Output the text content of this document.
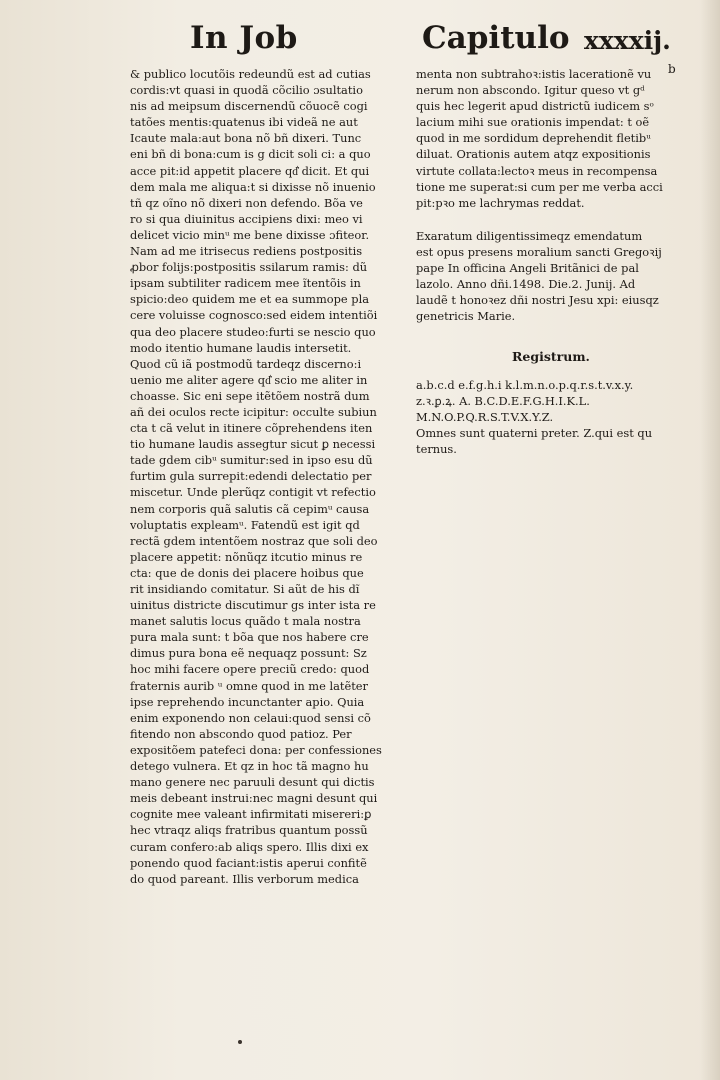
In Job	Capitulo xxxxij.
b
& publico locutõis redeundũ est ad cutias
cordis:vt quasi in quodã cõcilio ɔsultatio
nis ad meipsum discernendũ cõuocẽ cogi
tatões mentis:quatenus ibi videã ne aut
Icaute mala:aut bona nõ bñ dixeri. Tunc
eni bñ di bona:cum is g dicit soli ci: a quo
acce pit:id appetit placere qd͛ dicit. Et qui
dem mala me aliqua:t si dixisse nõ inuenio
tñ qz oĩno nõ dixeri non defendo. Bõa ve
ro si qua diuinitus accipiens dixi: meo vi
delicet vicio minᵘ me bene dixisse ɔfiteor.
Nam ad me itrisecus rediens postpositis
ꝓbor folijs:postpositis ssilarum ramis: dũ
ipsam subtiliter radicem mee ĩtentõis in
spicio:deo quidem me et ea summope pla
cere voluisse cognosco:sed eidem intentiõi
qua deo placere studeo:furti se nescio quo
modo itentio humane laudis intersetit.
Quod cũ iã postmodũ tardeqz discerno:i
uenio me aliter agere qd͛ scio me aliter in
choasse. Sic eni sepe itẽtõem nostrã dum
añ dei oculos recte icipitur: occulte subiun
cta t cã velut in itinere cõprehendens iten
tio humane laudis assegtur sicut ꝑ necessi
tade gdem cibᵘ sumitur:sed in ipso esu dũ
furtim gula surrepit:edendi delectatio per
miscetur. Unde plerũqz contigit vt refectio
nem corporis quã salutis cã cepimᵘ causa
voluptatis expleamᵘ. Fatendũ est igit qd
rectã gdem intentõem nostraz que soli deo
placere appetit: nõnũqz itcutio minus re
cta: que de donis dei placere hoibus que
rit insidiando comitatur. Si aũt de his dĩ
uinitus districte discutimur gs inter ista re
manet salutis locus quãdo t mala nostra
pura mala sunt: t bõa que nos habere cre
dimus pura bona eẽ nequaqz possunt: Sz
hoc mihi facere opere preciũ credo: quod
fraternis aurib ᵘ omne quod in me latẽter
ipse reprehendo incunctanter apio. Quia
enim exponendo non celaui:quod sensi cõ
fitendo non abscondo quod patioz. Per
expositõem patefeci dona: per confessiones
detego vulnera. Et qz in hoc tã magno hu
mano genere nec paruuli desunt qui dictis
meis debeant instrui:nec magni desunt qui
cognite mee valeant infirmitati misereri:ꝑ
hec vtraqz aliqs fratribus quantum possũ
curam confero:ab aliqs spero. Illis dixi ex
ponendo quod faciant:istis aperui confitẽ
do quod pareant. Illis verborum medica
menta non subtrahoꝛ:istis lacerationẽ vu
nerum non abscondo. Igitur queso vt gᵈ
quis hec legerit apud districtũ iudicem sᵒ
lacium mihi sue orationis impendat: t oẽ
quod in me sordidum deprehendit fletibᵘ
diluat. Orationis autem atqz expositionis
virtute collata:lectoꝛ meus in recompensa
tione me superat:si cum per me verba acci
pit:pꝛo me lachrymas reddat.
Exaratum diligentissimeqz emendatum
est opus presens moralium sancti Gregoꝛij
pape In officina Angeli Britãnici de pal
lazolo. Anno dñi.1498. Die.2. Junij. Ad
laudẽ t honoꝛez dñi nostri Jesu xpi: eiusqz
genetricis Marie.
Registrum.
a.b.c.d e.f.g.h.i k.l.m.n.o.p.q.r.s.t.v.x.y.
z.ꝛ.ꝑ.ꝝ. A. B.C.D.E.F.G.H.I.K.L.
M.N.O.P.Q.R.S.T.V.X.Y.Z.
Omnes sunt quaterni preter. Z.qui est qu
ternus.
